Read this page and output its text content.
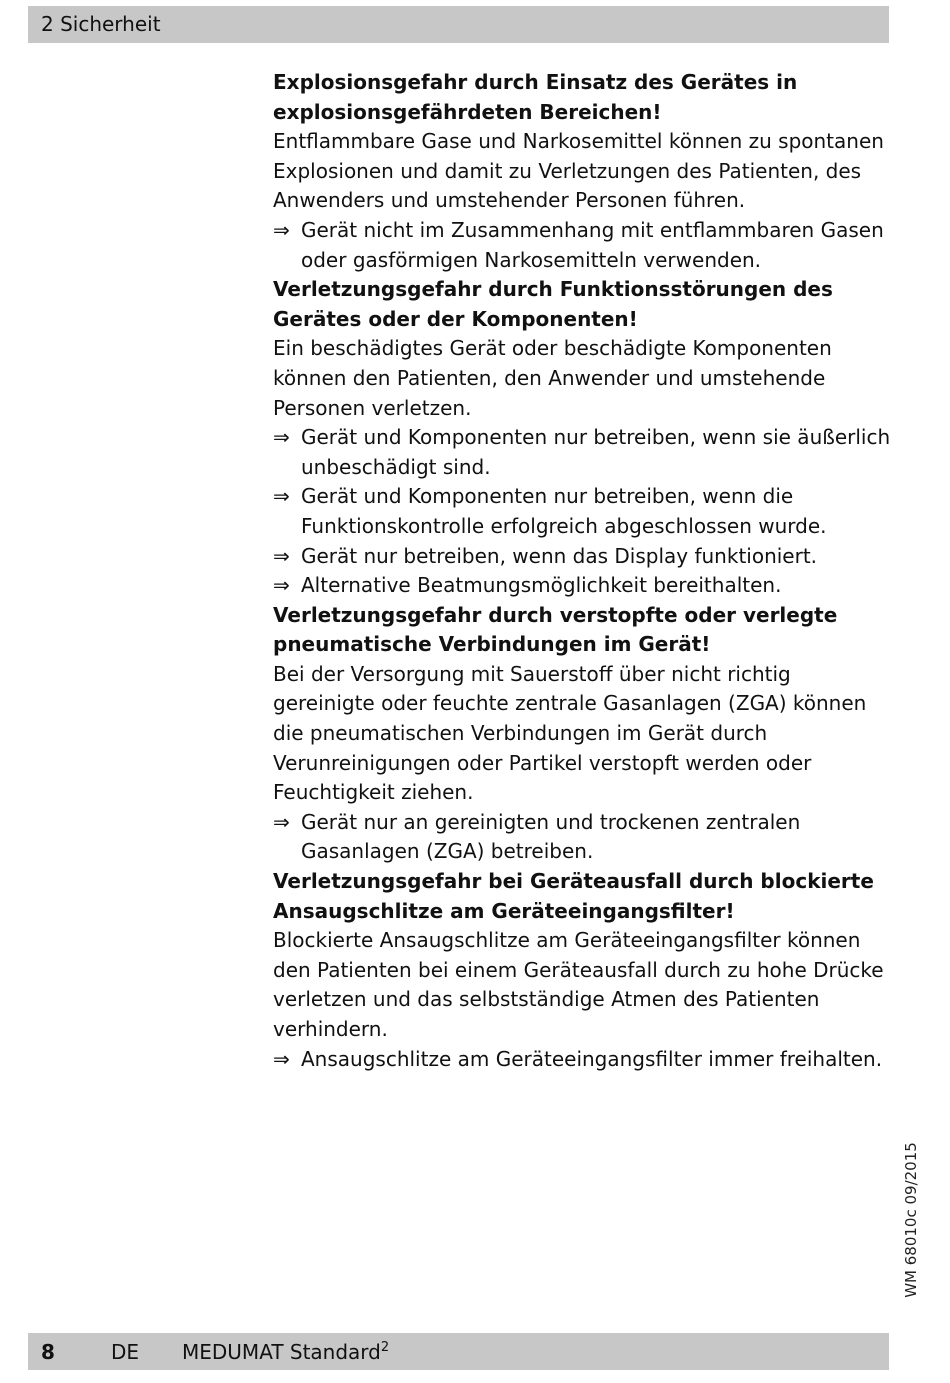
2 Sicherheit

Explosionsgefahr durch Einsatz des Gerätes in explosionsgefährdeten Bereichen!

Entflammbare Gase und Narkosemittel können zu spontanen Explosionen und damit zu Verletzungen des Patienten, des Anwenders und umstehender Personen führen.

⇒ Gerät nicht im Zusammenhang mit entflammbaren Gasen oder gasförmigen Narkosemitteln verwenden.

Verletzungsgefahr durch Funktionsstörungen des Gerätes oder der Komponenten!

Ein beschädigtes Gerät oder beschädigte Komponenten können den Patienten, den Anwender und umstehende Personen verletzen.

⇒ Gerät und Komponenten nur betreiben, wenn sie äußerlich unbeschädigt sind.

⇒ Gerät und Komponenten nur betreiben, wenn die Funktionskontrolle erfolgreich abgeschlossen wurde.

⇒ Gerät nur betreiben, wenn das Display funktioniert.

⇒ Alternative Beatmungsmöglichkeit bereithalten.

Verletzungsgefahr durch verstopfte oder verlegte pneumatische Verbindungen im Gerät!

Bei der Versorgung mit Sauerstoff über nicht richtig gereinigte oder feuchte zentrale Gasanlagen (ZGA) können die pneumatischen Verbindungen im Gerät durch Verunreinigungen oder Partikel verstopft werden oder Feuchtigkeit ziehen.

⇒ Gerät nur an gereinigten und trockenen zentralen Gasanlagen (ZGA) betreiben.

Verletzungsgefahr bei Geräteausfall durch blockierte Ansaugschlitze am Geräteeingangsfilter!

Blockierte Ansaugschlitze am Geräteeingangsfilter können den Patienten bei einem Geräteausfall durch zu hohe Drücke verletzen und das selbstständige Atmen des Patienten verhindern.

⇒ Ansaugschlitze am Geräteeingangsfilter immer freihalten.

WM 68010c 09/2015
8	DE MEDUMAT Standard$^2$
